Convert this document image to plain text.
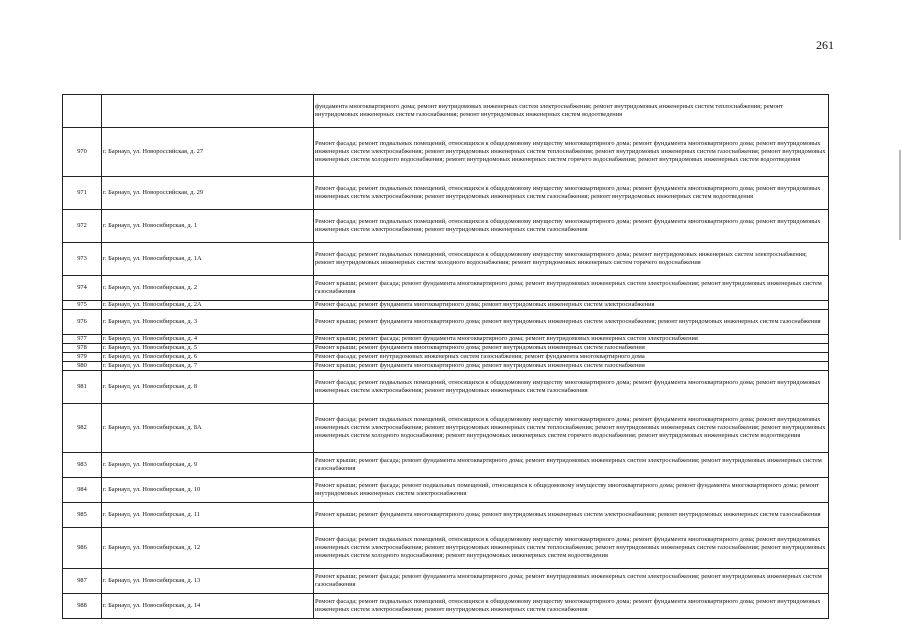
261
		фундамента многоквартирного дома; ремонт внутридомовых инженерных систем электроснабжения; ремонт внутридомовых инженерных систем теплоснабжения; ремонт внутридомовых инженерных систем газоснабжения; ремонт внутридомовых инженерных систем водоотведения
970	г. Барнаул, ул. Новороссийская, д. 27	Ремонт фасада; ремонт подвальных помещений, относящихся к общедомовому имуществу многоквартирного дома; ремонт фундамента многоквартирного дома; ремонт внутридомовых инженерных систем электроснабжения; ремонт внутридомовых инженерных систем теплоснабжения; ремонт внутридомовых инженерных систем газоснабжения; ремонт внутридомовых инженерных систем холодного водоснабжения; ремонт внутридомовых инженерных систем горячего водоснабжения; ремонт внутридомовых инженерных систем водоотведения
971	г. Барнаул, ул. Новороссийская, д. 29	Ремонт фасада; ремонт подвальных помещений, относящихся к общедомовому имуществу многоквартирного дома; ремонт фундамента многоквартирного дома; ремонт внутридомовых инженерных систем электроснабжения; ремонт внутридомовых инженерных систем газоснабжения; ремонт внутридомовых инженерных систем водоотведения
972	г. Барнаул, ул. Новосибирская, д. 1	Ремонт фасада; ремонт подвальных помещений, относящихся к общедомовому имуществу многоквартирного дома; ремонт фундамента многоквартирного дома; ремонт внутридомовых инженерных систем электроснабжения; ремонт внутридомовых инженерных систем газоснабжения
973	г. Барнаул, ул. Новосибирская, д. 1А	Ремонт фасада; ремонт подвальных помещений, относящихся к общедомовому имуществу многоквартирного дома; ремонт внутридомовых инженерных систем электроснабжения; ремонт внутридомовых инженерных систем холодного водоснабжения; ремонт внутридомовых инженерных систем горячего водоснабжения
974	г. Барнаул, ул. Новосибирская, д. 2	Ремонт крыши; ремонт фасада; ремонт фундамента многоквартирного дома; ремонт внутридомовых инженерных систем электроснабжения; ремонт внутридомовых инженерных систем газоснабжения
975	г. Барнаул, ул. Новосибирская, д. 2А	Ремонт фасада; ремонт фундамента многоквартирного дома; ремонт внутридомовых инженерных систем электроснабжения
976	г. Барнаул, ул. Новосибирская, д. 3	Ремонт крыши; ремонт фундамента многоквартирного дома; ремонт внутридомовых инженерных систем электроснабжения; ремонт внутридомовых инженерных систем газоснабжения
977	г. Барнаул, ул. Новосибирская, д. 4	Ремонт крыши; ремонт фасада; ремонт фундамента многоквартирного дома; ремонт внутридомовых инженерных систем электроснабжения
978	г. Барнаул, ул. Новосибирская, д. 5	Ремонт крыши; ремонт фундамента многоквартирного дома; ремонт внутридомовых инженерных систем газоснабжения
979	г. Барнаул, ул. Новосибирская, д. 6	Ремонт фасада; ремонт внутридомовых инженерных систем газоснабжения; ремонт фундамента многоквартирного дома
980	г. Барнаул, ул. Новосибирская, д. 7	Ремонт крыши; ремонт фундамента многоквартирного дома; ремонт внутридомовых инженерных систем газоснабжения
981	г. Барнаул, ул. Новосибирская, д. 8	Ремонт фасада; ремонт подвальных помещений, относящихся к общедомовому имуществу многоквартирного дома; ремонт фундамента многоквартирного дома; ремонт внутридомовых инженерных систем электроснабжения; ремонт внутридомовых инженерных систем газоснабжения
982	г. Барнаул, ул. Новосибирская, д. 8А	Ремонт фасада; ремонт подвальных помещений, относящихся к общедомовому имуществу многоквартирного дома; ремонт фундамента многоквартирного дома; ремонт внутридомовых инженерных систем электроснабжения; ремонт внутридомовых инженерных систем теплоснабжения; ремонт внутридомовых инженерных систем газоснабжения; ремонт внутридомовых инженерных систем холодного водоснабжения; ремонт внутридомовых инженерных систем горячего водоснабжения; ремонт внутридомовых инженерных систем водоотведения
983	г. Барнаул, ул. Новосибирская, д. 9	Ремонт крыши; ремонт фасада; ремонт фундамента многоквартирного дома; ремонт внутридомовых инженерных систем электроснабжения; ремонт внутридомовых инженерных систем газоснабжения
984	г. Барнаул, ул. Новосибирская, д. 10	Ремонт крыши; ремонт фасада; ремонт подвальных помещений, относящихся к общедомовому имуществу многоквартирного дома; ремонт фундамента многоквартирного дома; ремонт внутридомовых инженерных систем электроснабжения
985	г. Барнаул, ул. Новосибирская, д. 11	Ремонт крыши; ремонт фундамента многоквартирного дома; ремонт внутридомовых инженерных систем электроснабжения; ремонт внутридомовых инженерных систем газоснабжения
986	г. Барнаул, ул. Новосибирская, д. 12	Ремонт фасада; ремонт подвальных помещений, относящихся к общедомовому имуществу многоквартирного дома; ремонт фундамента многоквартирного дома; ремонт внутридомовых инженерных систем электроснабжения; ремонт внутридомовых инженерных систем теплоснабжения; ремонт внутридомовых инженерных систем газоснабжения; ремонт внутридомовых инженерных систем холодного водоснабжения; ремонт внутридомовых инженерных систем водоотведения
987	г. Барнаул, ул. Новосибирская, д. 13	Ремонт крыши; ремонт фасада; ремонт фундамента многоквартирного дома; ремонт внутридомовых инженерных систем электроснабжения; ремонт внутридомовых инженерных систем газоснабжения
988	г. Барнаул, ул. Новосибирская, д. 14	Ремонт фасада; ремонт подвальных помещений, относящихся к общедомовому имуществу многоквартирного дома; ремонт фундамента многоквартирного дома; ремонт внутридомовых инженерных систем электроснабжения; ремонт внутридомовых инженерных систем газоснабжения
